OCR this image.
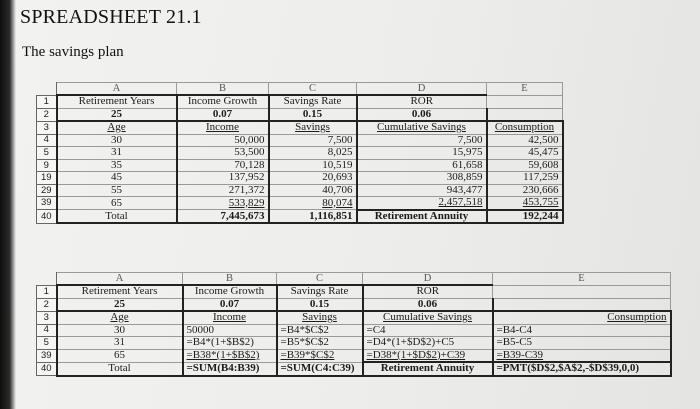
SPREADSHEET 21.1
The savings plan
	A	B	C	D	E
1	Retirement Years	Income Growth	Savings Rate	ROR	
2	25	0.07	0.15	0.06	
3	Age	Income	Savings	Cumulative Savings	Consumption
4	30	50,000	7,500	7,500	42,500
5	31	53,500	8,025	15,975	45,475
9	35	70,128	10,519	61,658	59,608
19	45	137,952	20,693	308,859	117,259
29	55	271,372	40,706	943,477	230,666
39	65	533,829	80,074	2,457,518	453,755
40	Total	7,445,673	1,116,851	Retirement Annuity	192,244
	A	B	C	D	E
1	Retirement Years	Income Growth	Savings Rate	ROR	
2	25	0.07	0.15	0.06	
3	Age	Income	Savings	Cumulative Savings	Consumption
4	30	50000	=B4*$C$2	=C4	=B4-C4
5	31	=B4*(1+$B$2)	=B5*$C$2	=D4*(1+$D$2)+C5	=B5-C5
39	65	=B38*(1+$B$2)	=B39*$C$2	=D38*(1+$D$2)+C39	=B39-C39
40	Total	=SUM(B4:B39)	=SUM(C4:C39)	Retirement Annuity	=PMT($D$2,$A$2,-$D$39,0,0)
